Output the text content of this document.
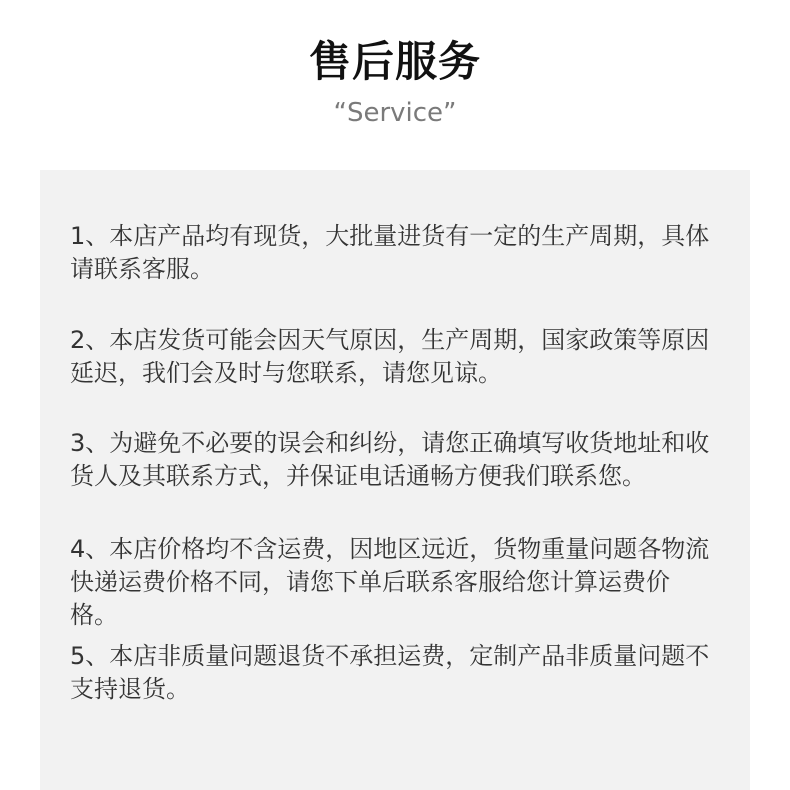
售后服务
“Service”

1、本店产品均有现货，大批量进货有一定的生产周期，具体请联系客服。

2、本店发货可能会因天气原因，生产周期，国家政策等原因延迟，我们会及时与您联系，请您见谅。

3、为避免不必要的误会和纠纷，请您正确填写收货地址和收货人及其联系方式，并保证电话通畅方便我们联系您。

4、本店价格均不含运费，因地区远近，货物重量问题各物流快递运费价格不同，请您下单后联系客服给您计算运费价格。

5、本店非质量问题退货不承担运费，定制产品非质量问题不支持退货。
